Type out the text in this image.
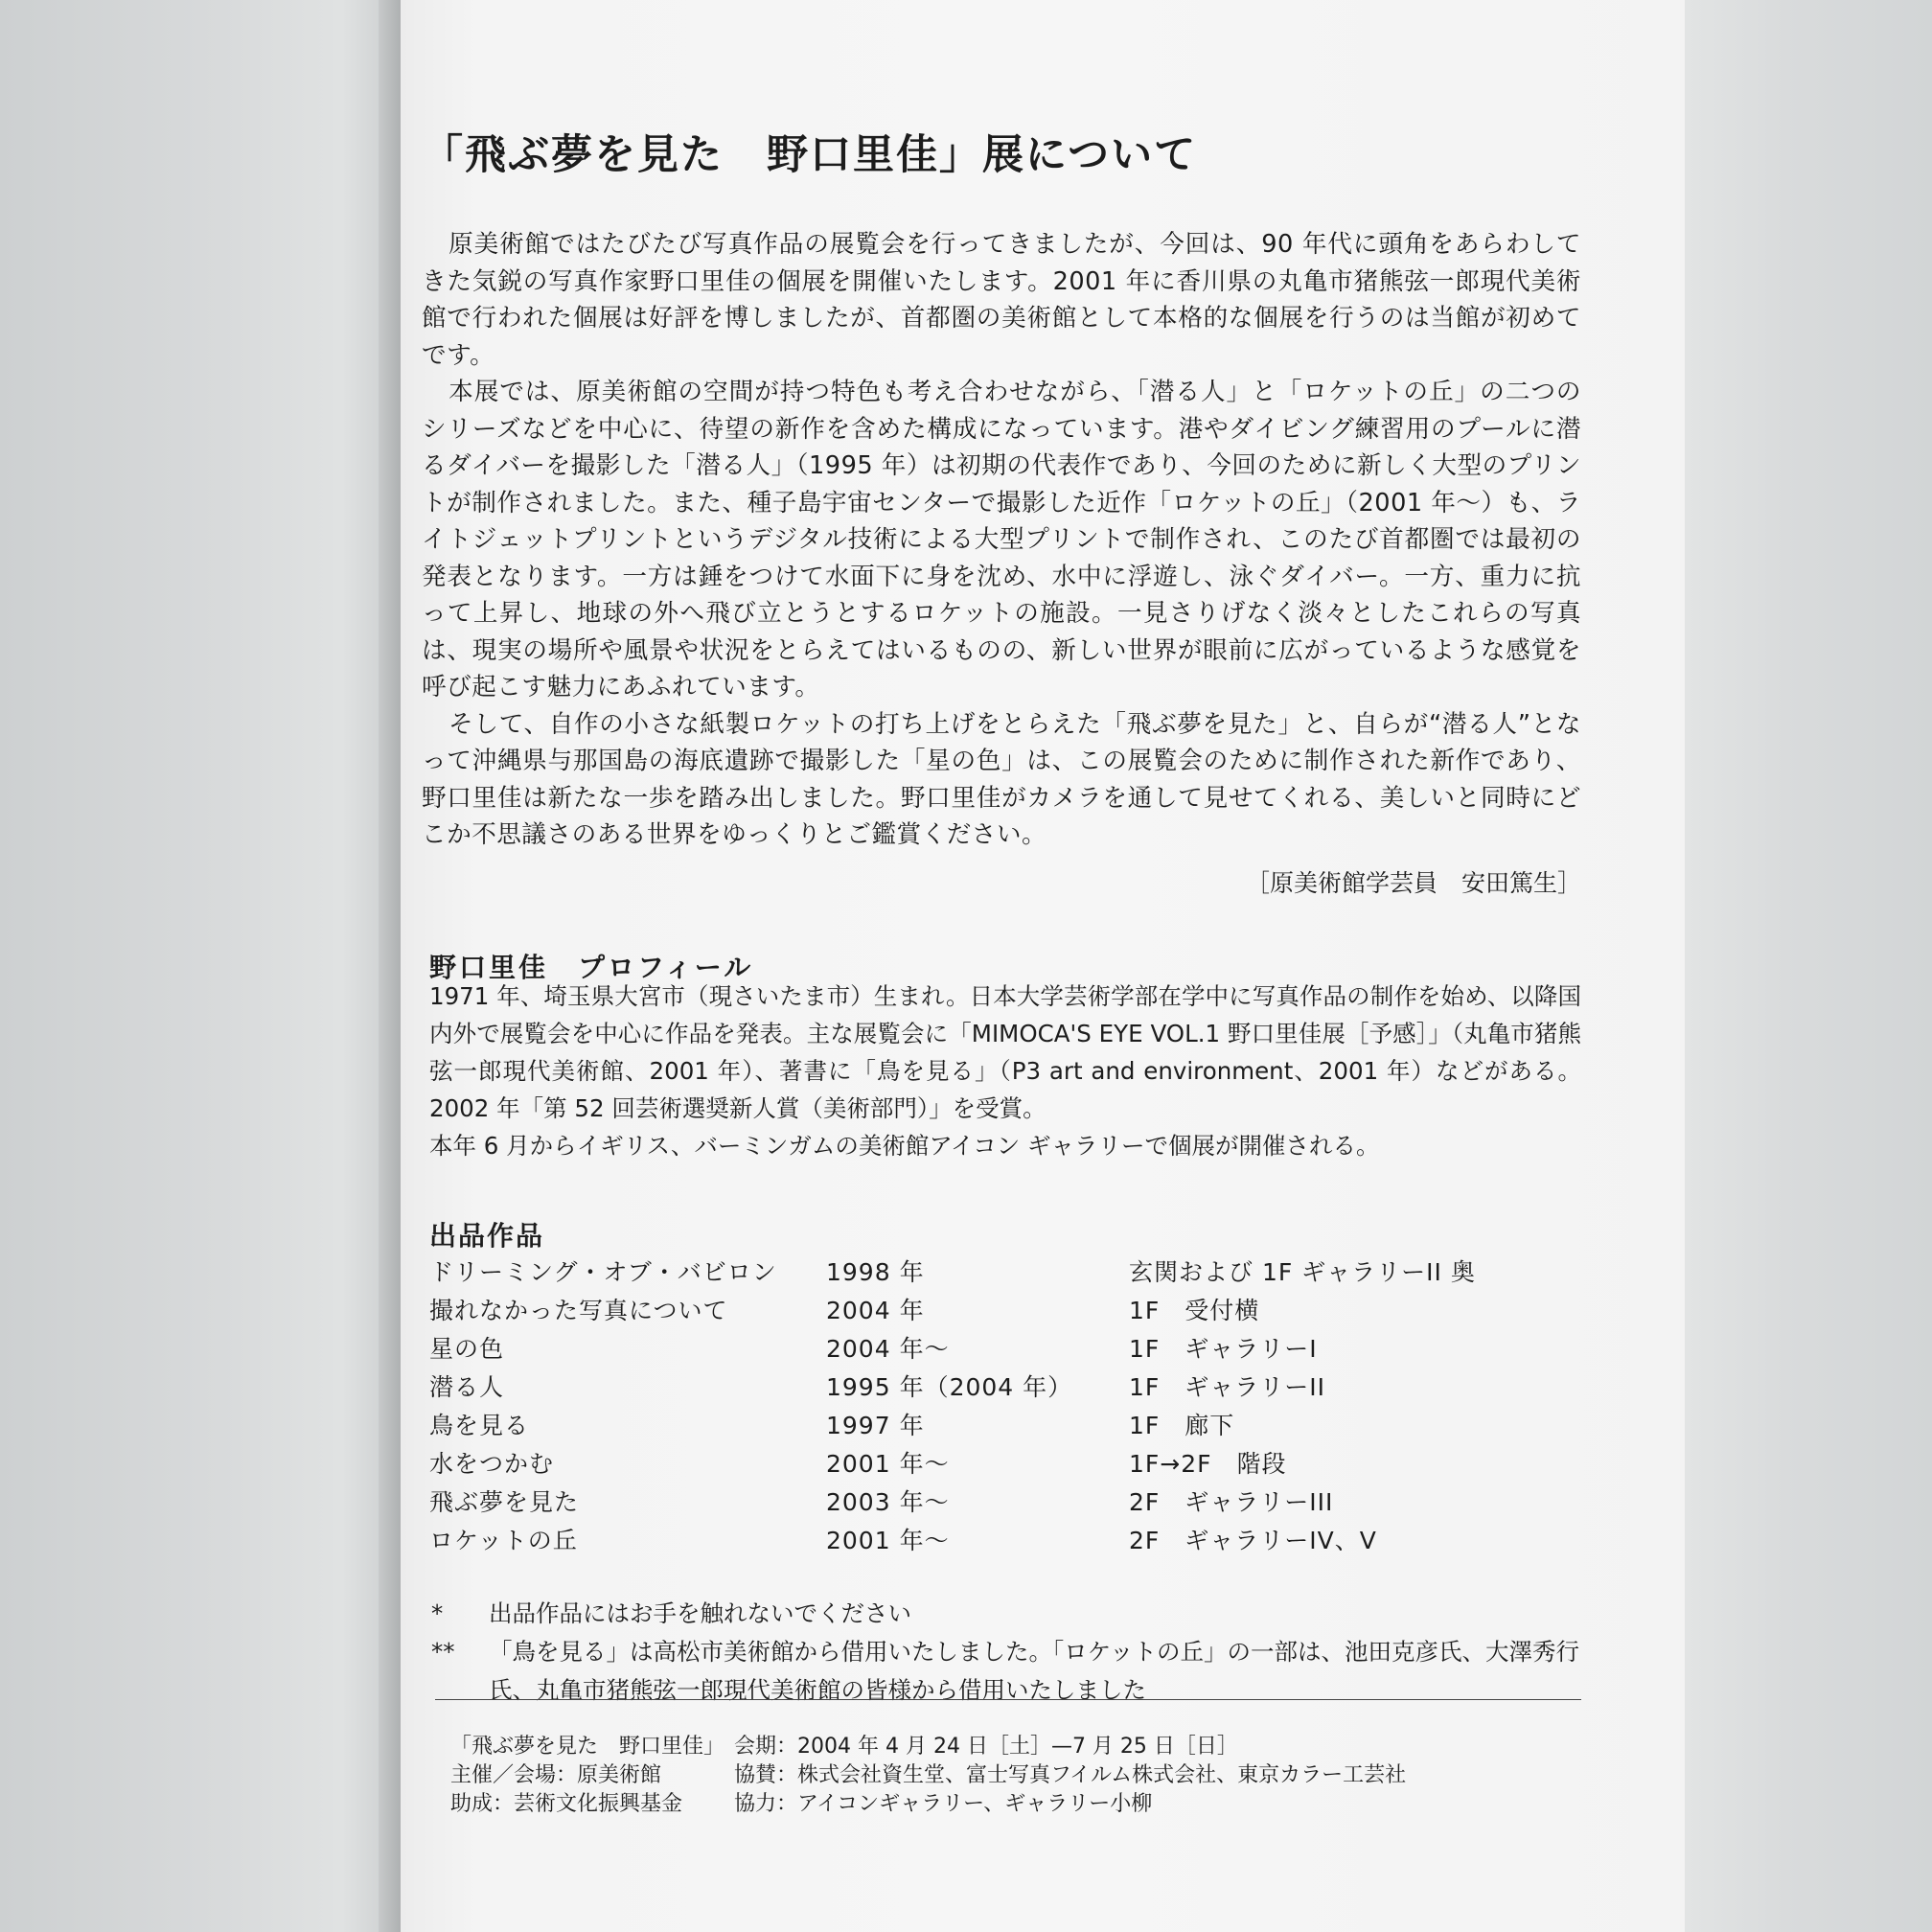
「飛ぶ夢を見た　野口里佳」展について

原美術館ではたびたび写真作品の展覧会を行ってきましたが、今回は、90 年代に頭角をあらわしてきた気鋭の写真作家野口里佳の個展を開催いたします。2001 年に香川県の丸亀市猪熊弦一郎現代美術館で行われた個展は好評を博しましたが、首都圏の美術館として本格的な個展を行うのは当館が初めてです。

本展では、原美術館の空間が持つ特色も考え合わせながら、「潜る人」と「ロケットの丘」の二つのシリーズなどを中心に、待望の新作を含めた構成になっています。港やダイビング練習用のプールに潜るダイバーを撮影した「潜る人」（1995 年）は初期の代表作であり、今回のために新しく大型のプリントが制作されました。また、種子島宇宙センターで撮影した近作「ロケットの丘」（2001 年〜）も、ライトジェットプリントというデジタル技術による大型プリントで制作され、このたび首都圏では最初の発表となります。一方は錘をつけて水面下に身を沈め、水中に浮遊し、泳ぐダイバー。一方、重力に抗って上昇し、地球の外へ飛び立とうとするロケットの施設。一見さりげなく淡々としたこれらの写真は、現実の場所や風景や状況をとらえてはいるものの、新しい世界が眼前に広がっているような感覚を呼び起こす魅力にあふれています。

そして、自作の小さな紙製ロケットの打ち上げをとらえた「飛ぶ夢を見た」と、自らが“潜る人”となって沖縄県与那国島の海底遺跡で撮影した「星の色」は、この展覧会のために制作された新作であり、野口里佳は新たな一歩を踏み出しました。野口里佳がカメラを通して見せてくれる、美しいと同時にどこか不思議さのある世界をゆっくりとご鑑賞ください。

［原美術館学芸員　安田篤生］
野口里佳　プロフィール

1971 年、埼玉県大宮市（現さいたま市）生まれ。日本大学芸術学部在学中に写真作品の制作を始め、以降国内外で展覧会を中心に作品を発表。主な展覧会に「MIMOCA'S EYE VOL.1 野口里佳展［予感］」（丸亀市猪熊弦一郎現代美術館、2001 年）、著書に「鳥を見る」（P3 art and environment、2001 年）などがある。2002 年「第 52 回芸術選奨新人賞（美術部門）」を受賞。

本年 6 月からイギリス、バーミンガムの美術館アイコン ギャラリーで個展が開催される。

出品作品
ドリーミング・オブ・バビロン 1998 年	玄関および 1F ギャラリーII 奥
撮れなかった写真について	2004 年	1F　受付横
星の色	2004 年〜	1F　ギャラリーI
潜る人	1995 年（2004 年） 1F　ギャラリーII
鳥を見る	1997 年	1F　廊下
水をつかむ	2001 年〜	1F→2F　階段
飛ぶ夢を見た	2003 年〜	2F　ギャラリーIII
ロケットの丘	2001 年〜	2F　ギャラリーIV、V
* 出品作品にはお手を触れないでください
** 「鳥を見る」は高松市美術館から借用いたしました。「ロケットの丘」の一部は、池田克彦氏、大澤秀行氏、丸亀市猪熊弦一郎現代美術館の皆様から借用いたしました
「飛ぶ夢を見た　野口里佳」 会期：2004 年 4 月 24 日［土］—7 月 25 日［日］
主催／会場：原美術館	協賛：株式会社資生堂、富士写真フイルム株式会社、東京カラー工芸社
助成：芸術文化振興基金 協力：アイコンギャラリー、ギャラリー小柳
